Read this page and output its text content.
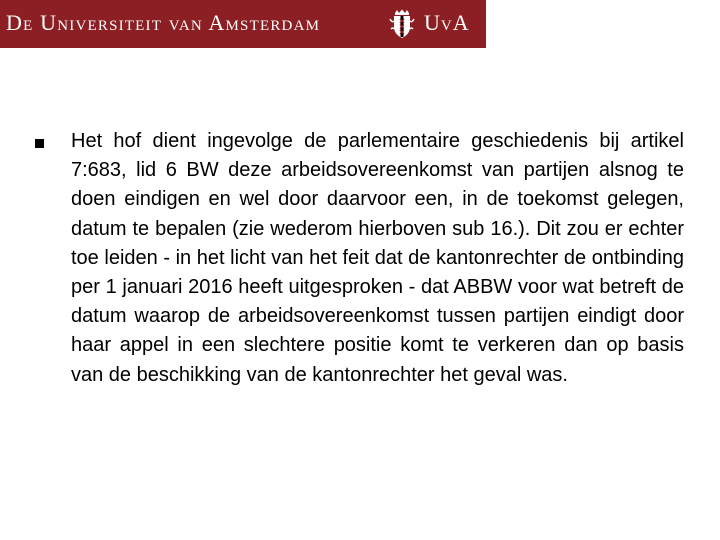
De Universiteit van Amsterdam	UvA

Het hof dient ingevolge de parlementaire geschiedenis bij artikel 7:683, lid 6 BW deze arbeidsovereenkomst van partijen alsnog te doen eindigen en wel door daarvoor een, in de toekomst gelegen, datum te bepalen (zie wederom hierboven sub 16.). Dit zou er echter toe leiden - in het licht van het feit dat de kantonrechter de ontbinding per 1 januari 2016 heeft uitgesproken - dat ABBW voor wat betreft de datum waarop de arbeidsovereenkomst tussen partijen eindigt door haar appel in een slechtere positie komt te verkeren dan op basis van de beschikking van de kantonrechter het geval was.
